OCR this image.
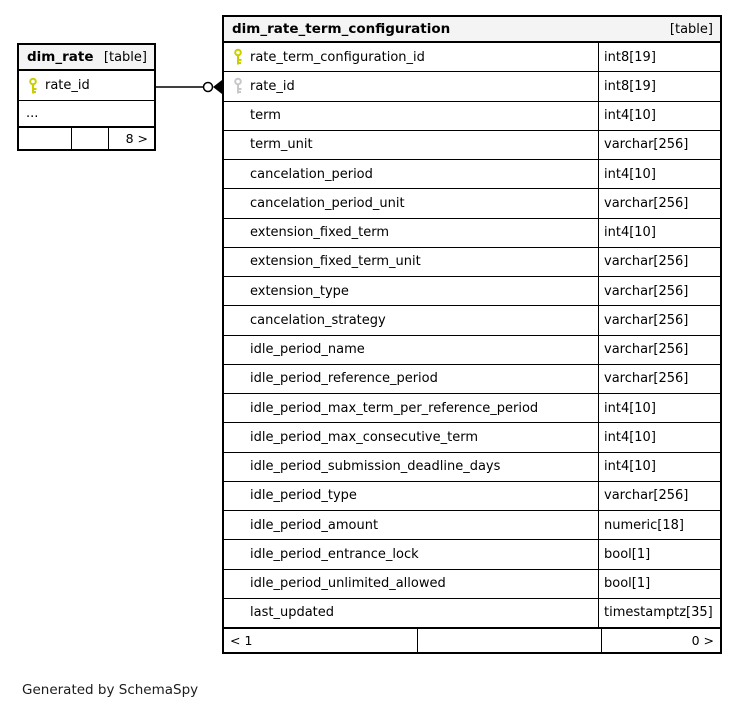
dim_rate [table]
rate_id
...
8 >
dim_rate_term_configuration	[table]
rate_term_configuration_id	int8[19]
rate_id	int8[19]
term	int4[10]
term_unit	varchar[256]
cancelation_period	int4[10]
cancelation_period_unit	varchar[256]
extension_fixed_term	int4[10]
extension_fixed_term_unit	varchar[256]
extension_type	varchar[256]
cancelation_strategy	varchar[256]
idle_period_name	varchar[256]
idle_period_reference_period	varchar[256]
idle_period_max_term_per_reference_period	int4[10]
idle_period_max_consecutive_term	int4[10]
idle_period_submission_deadline_days	int4[10]
idle_period_type	varchar[256]
idle_period_amount	numeric[18]
idle_period_entrance_lock	bool[1]
idle_period_unlimited_allowed	bool[1]
last_updated	timestamptz[35]
< 1	0 >
Generated by SchemaSpy
